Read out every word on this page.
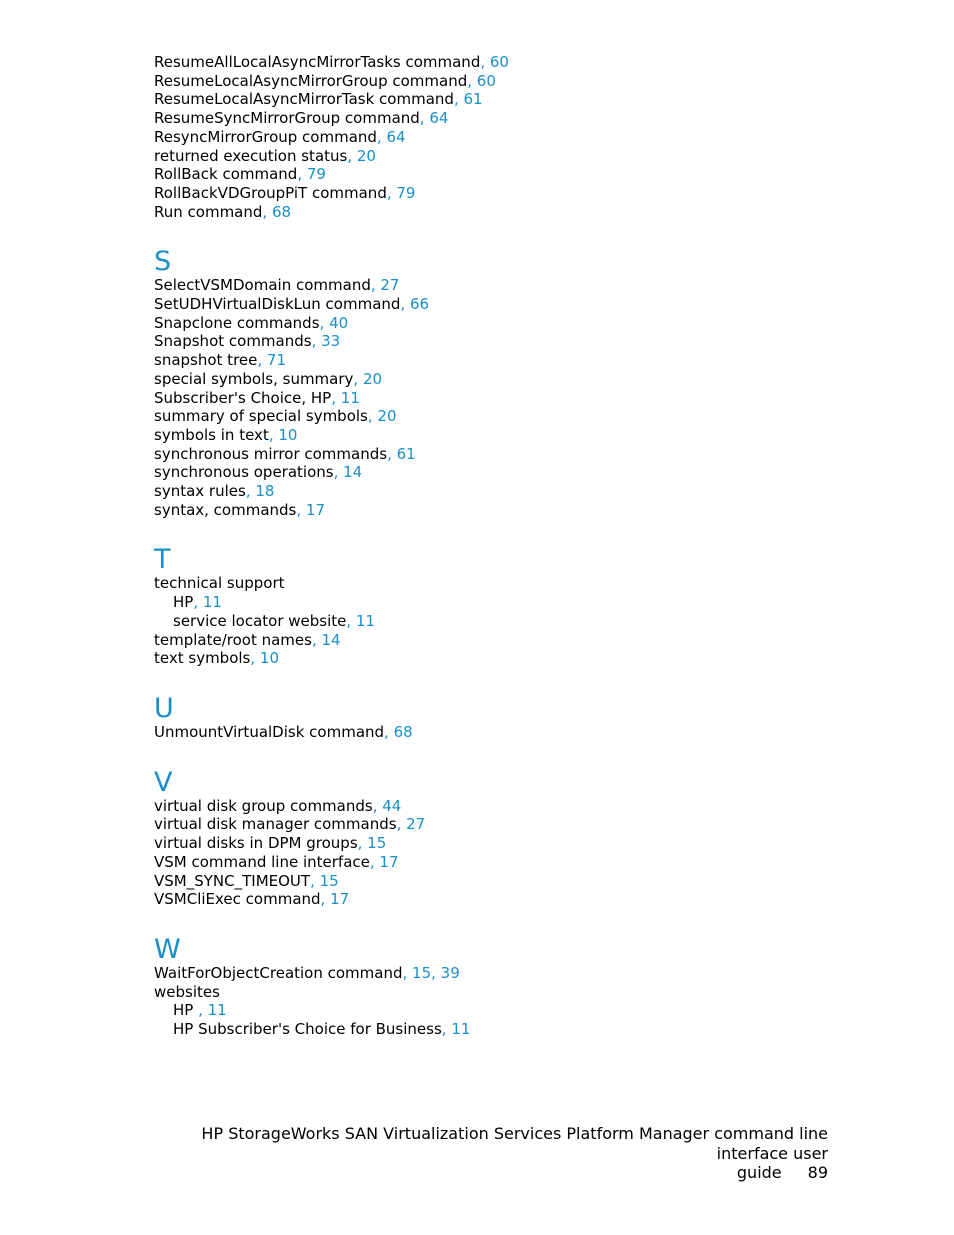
ResumeAllLocalAsyncMirrorTasks command, 60
ResumeLocalAsyncMirrorGroup command, 60
ResumeLocalAsyncMirrorTask command, 61
ResumeSyncMirrorGroup command, 64
ResyncMirrorGroup command, 64
returned execution status, 20
RollBack command, 79
RollBackVDGroupPiT command, 79
Run command, 68
S
SelectVSMDomain command, 27
SetUDHVirtualDiskLun command, 66
Snapclone commands, 40
Snapshot commands, 33
snapshot tree, 71
special symbols, summary, 20
Subscriber's Choice, HP, 11
summary of special symbols, 20
symbols in text, 10
synchronous mirror commands, 61
synchronous operations, 14
syntax rules, 18
syntax, commands, 17
T
technical support
HP, 11
service locator website, 11
template/root names, 14
text symbols, 10
U
UnmountVirtualDisk command, 68
V
virtual disk group commands, 44
virtual disk manager commands, 27
virtual disks in DPM groups, 15
VSM command line interface, 17
VSM_SYNC_TIMEOUT, 15
VSMCliExec command, 17
W
WaitForObjectCreation command, 15, 39
websites
HP , 11
HP Subscriber's Choice for Business, 11
HP StorageWorks SAN Virtualization Services Platform Manager command line interface user
guide 89
